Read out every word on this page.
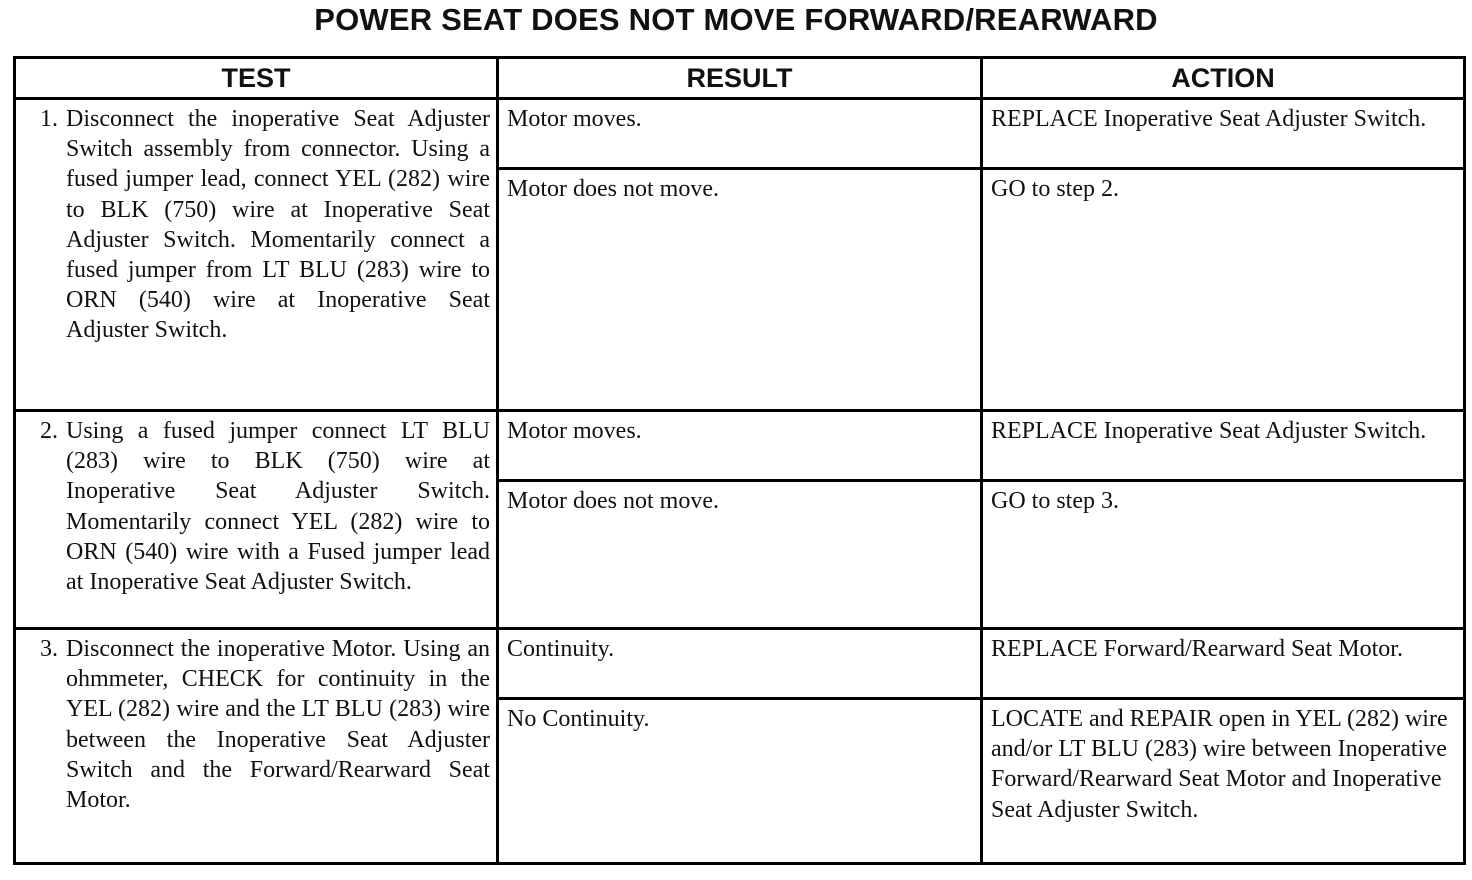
POWER SEAT DOES NOT MOVE FORWARD/REARWARD
TEST	RESULT	ACTION

1. Disconnect the inoperative Seat Adjuster Switch assembly from connector. Using a fused jumper lead, connect YEL (282) wire to BLK (750) wire at Inoperative Seat Adjuster Switch. Momentarily connect a fused jumper from LT BLU (283) wire to ORN (540) wire at Inoperative Seat Adjuster Switch.	Motor moves.	REPLACE Inoperative Seat Adjuster Switch.
	Motor does not move.	GO to step 2.

2. Using a fused jumper connect LT BLU (283) wire to BLK (750) wire at Inoperative Seat Adjuster Switch. Momentarily connect YEL (282) wire to ORN (540) wire with a Fused jumper lead at Inoperative Seat Adjuster Switch.	Motor moves.	REPLACE Inoperative Seat Adjuster Switch.
	Motor does not move.	GO to step 3.

3. Disconnect the inoperative Motor. Using an ohmmeter, CHECK for continuity in the YEL (282) wire and the LT BLU (283) wire between the Inoperative Seat Adjuster Switch and the Forward/Rearward Seat Motor.	Continuity.	REPLACE Forward/Rearward Seat Motor.
	No Continuity.	LOCATE and REPAIR open in YEL (282) wire and/or LT BLU (283) wire between Inoperative Forward/Rearward Seat Motor and Inoperative Seat Adjuster Switch.
